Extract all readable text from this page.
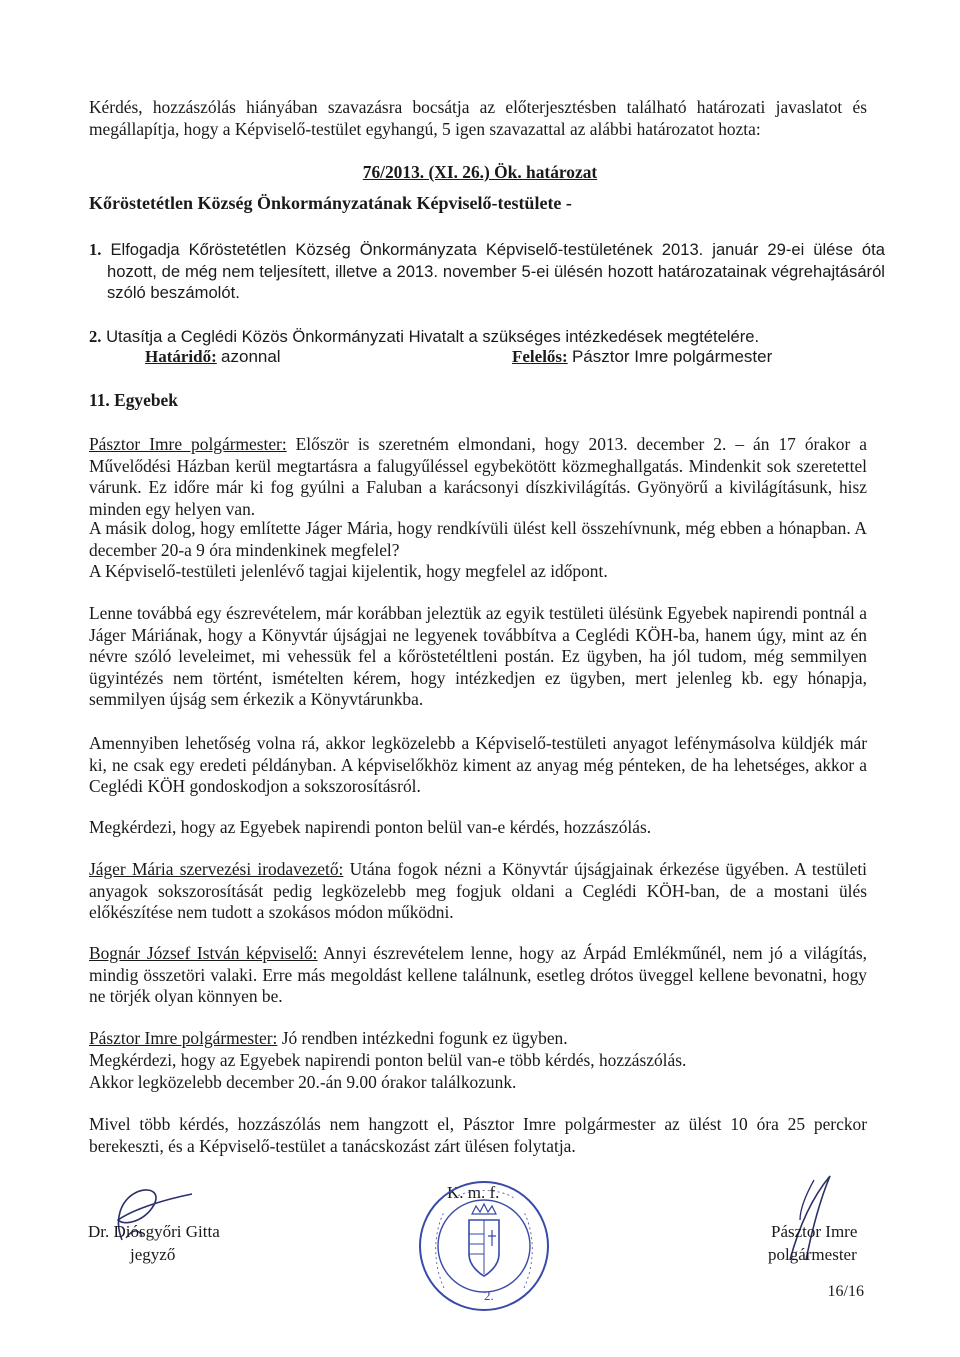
Kérdés, hozzászólás hiányában szavazásra bocsátja az előterjesztésben található határozati javaslatot és megállapítja, hogy a Képviselő-testület egyhangú, 5 igen szavazattal az alábbi határozatot hozta:

76/2013. (XI. 26.) Ök. határozat
Kőröstetétlen Község Önkormányzatának Képviselő-testülete -

1. Elfogadja Kőröstetétlen Község Önkormányzata Képviselő-testületének 2013. január 29-ei ülése óta hozott, de még nem teljesített, illetve a 2013. november 5-ei ülésén hozott határozatainak végrehajtásáról szóló beszámolót.

2. Utasítja a Ceglédi Közös Önkormányzati Hivatalt a szükséges intézkedések megtételére.

Határidő: azonnal	Felelős: Pásztor Imre polgármester
11. Egyebek

Pásztor Imre polgármester: Először is szeretném elmondani, hogy 2013. december 2. – án 17 órakor a Művelődési Házban kerül megtartásra a falugyűléssel egybekötött közmeghallgatás. Mindenkit sok szeretettel várunk. Ez időre már ki fog gyúlni a Faluban a karácsonyi díszkivilágítás. Gyönyörű a kivilágításunk, hisz minden egy helyen van.

A másik dolog, hogy említette Jáger Mária, hogy rendkívüli ülést kell összehívnunk, még ebben a hónapban. A december 20-a 9 óra mindenkinek megfelel?

A Képviselő-testületi jelenlévő tagjai kijelentik, hogy megfelel az időpont.

Lenne továbbá egy észrevételem, már korábban jeleztük az egyik testületi ülésünk Egyebek napirendi pontnál a Jáger Máriának, hogy a Könyvtár újságjai ne legyenek továbbítva a Ceglédi KÖH-ba, hanem úgy, mint az én névre szóló leveleimet, mi vehessük fel a kőröstetéltleni postán. Ez ügyben, ha jól tudom, még semmilyen ügyintézés nem történt, ismételten kérem, hogy intézkedjen ez ügyben, mert jelenleg kb. egy hónapja, semmilyen újság sem érkezik a Könyvtárunkba.

Amennyiben lehetőség volna rá, akkor legközelebb a Képviselő-testületi anyagot lefénymásolva küldjék már ki, ne csak egy eredeti példányban. A képviselőkhöz kiment az anyag még pénteken, de ha lehetséges, akkor a Ceglédi KÖH gondoskodjon a sokszorosításról.

Megkérdezi, hogy az Egyebek napirendi ponton belül van-e kérdés, hozzászólás.

Jáger Mária szervezési irodavezető: Utána fogok nézni a Könyvtár újságjainak érkezése ügyében. A testületi anyagok sokszorosítását pedig legközelebb meg fogjuk oldani a Ceglédi KÖH-ban, de a mostani ülés előkészítése nem tudott a szokásos módon működni.

Bognár József István képviselő: Annyi észrevételem lenne, hogy az Árpád Emlékműnél, nem jó a világítás, mindig összetöri valaki. Erre más megoldást kellene találnunk, esetleg drótos üveggel kellene bevonatni, hogy ne törjék olyan könnyen be.

Pásztor Imre polgármester: Jó rendben intézkedni fogunk ez ügyben.

Megkérdezi, hogy az Egyebek napirendi ponton belül van-e több kérdés, hozzászólás.

Akkor legközelebb december 20.-án 9.00 órakor találkozunk.

Mivel több kérdés, hozzászólás nem hangzott el, Pásztor Imre polgármester az ülést 10 óra 25 perckor berekeszti, és a Képviselő-testület a tanácskozást zárt ülésen folytatja.

Dr. Diósgyőri Gitta
jegyző
K. m. f.
2.
Pásztor Imre
polgármester
16/16
